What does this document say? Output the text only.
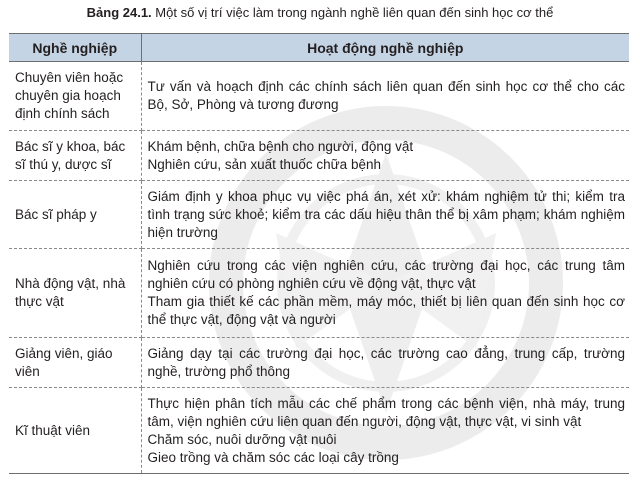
Bảng 24.1. Một số vị trí việc làm trong ngành nghề liên quan đến sinh học cơ thể
Nghề nghiệp	Hoạt động nghề nghiệp
Chuyên viên hoặc chuyên gia hoạch định chính sách	Tư vấn và hoạch định các chính sách liên quan đến sinh học cơ thể cho các Bộ, Sở, Phòng và tương đương

Bác sĩ y khoa, bác sĩ thú y, dược sĩ	Khám bệnh, chữa bệnh cho người, động vật
Nghiên cứu, sản xuất thuốc chữa bệnh

Bác sĩ pháp y	Giám định y khoa phục vụ việc phá án, xét xử: khám nghiệm tử thi; kiểm tra tình trạng sức khoẻ; kiểm tra các dấu hiệu thân thể bị xâm phạm; khám nghiệm hiện trường

Nhà động vật, nhà thực vật	Nghiên cứu trong các viện nghiên cứu, các trường đại học, các trung tâm nghiên cứu có phòng nghiên cứu về động vật, thực vật
Tham gia thiết kế các phần mềm, máy móc, thiết bị liên quan đến sinh học cơ thể thực vật, động vật và người

Giảng viên, giáo viên	Giảng dạy tại các trường đại học, các trường cao đẳng, trung cấp, trường nghề, trường phổ thông

Kĩ thuật viên	Thực hiện phân tích mẫu các chế phẩm trong các bệnh viện, nhà máy, trung tâm, viện nghiên cứu liên quan đến người, động vật, thực vật, vi sinh vật
Chăm sóc, nuôi dưỡng vật nuôi
Gieo trồng và chăm sóc các loại cây trồng
